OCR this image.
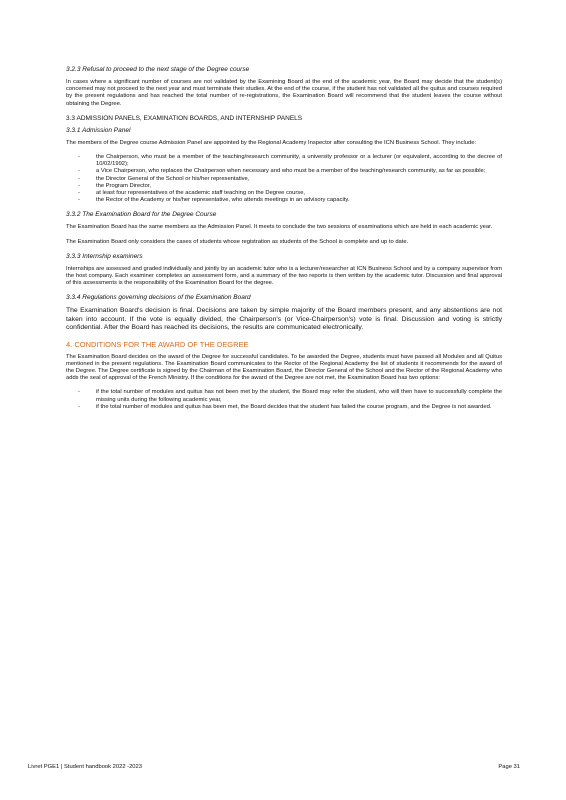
3.2.3 Refusal to proceed to the next stage of the Degree course

In cases where a significant number of courses are not validated by the Examining Board at the end of the academic year, the Board may decide that the student(s) concerned may not proceed to the next year and must terminate their studies. At the end of the course, if the student has not validated all the quitus and courses required by the present regulations and has reached the total number of re-registrations, the Examination Board will recommend that the student leaves the course without obtaining the Degree.

3.3 ADMISSION PANELS, EXAMINATION BOARDS, AND INTERNSHIP PANELS
3.3.1 Admission Panel

The members of the Degree course Admission Panel are appointed by the Regional Academy Inspector after consulting the ICN Business School. They include:

- the Chairperson, who must be a member of the teaching/research community, a university professor or a lecturer (or equivalent, according to the decree of 10/02/1992);
- a Vice Chairperson, who replaces the Chairperson when necessary and who must be a member of the teaching/research community, as far as possible;
- the Director General of the School or his/her representative,
- the Program Director,
- at least four representatives of the academic staff teaching on the Degree course,
- the Rector of the Academy or his/her representative, who attends meetings in an advisory capacity.
3.3.2 The Examination Board for the Degree Course

The Examination Board has the same members as the Admission Panel. It meets to conclude the two sessions of examinations which are held in each academic year.

The Examination Board only considers the cases of students whose registration as students of the School is complete and up to date.

3.3.3 Internship examiners

Internships are assessed and graded individually and jointly by an academic tutor who is a lecturer/researcher at ICN Business School and by a company supervisor from the host company. Each examiner completes an assessment form, and a summary of the two reports is then written by the academic tutor. Discussion and final approval of this assessments is the responsibility of the Examination Board for the degree.

3.3.4 Regulations governing decisions of the Examination Board

The Examination Board's decision is final. Decisions are taken by simple majority of the Board members present, and any abstentions are not taken into account. If the vote is equally divided, the Chairperson's (or Vice-Chairperson's) vote is final. Discussion and voting is strictly confidential. After the Board has reached its decisions, the results are communicated electronically.

4. CONDITIONS FOR THE AWARD OF THE DEGREE

The Examination Board decides on the award of the Degree for successful candidates. To be awarded the Degree, students must have passed all Modules and all Quitus mentioned in the present regulations. The Examination Board communicates to the Rector of the Regional Academy the list of students it recommends for the award of the Degree. The Degree certificate is signed by the Chairman of the Examination Board, the Director General of the School and the Rector of the Regional Academy who adds the seal of approval of the French Ministry. If the conditions for the award of the Degree are not met, the Examination Board has two options:

- if the total number of modules and quitus has not been met by the student, the Board may refer the student, who will then have to successfully complete the missing units during the following academic year,
- if the total number of modules and quitus has been met, the Board decides that the student has failed the course program, and the Degree is not awarded.
Livret PGE1 | Student handbook 2022 -2023	Page 31
